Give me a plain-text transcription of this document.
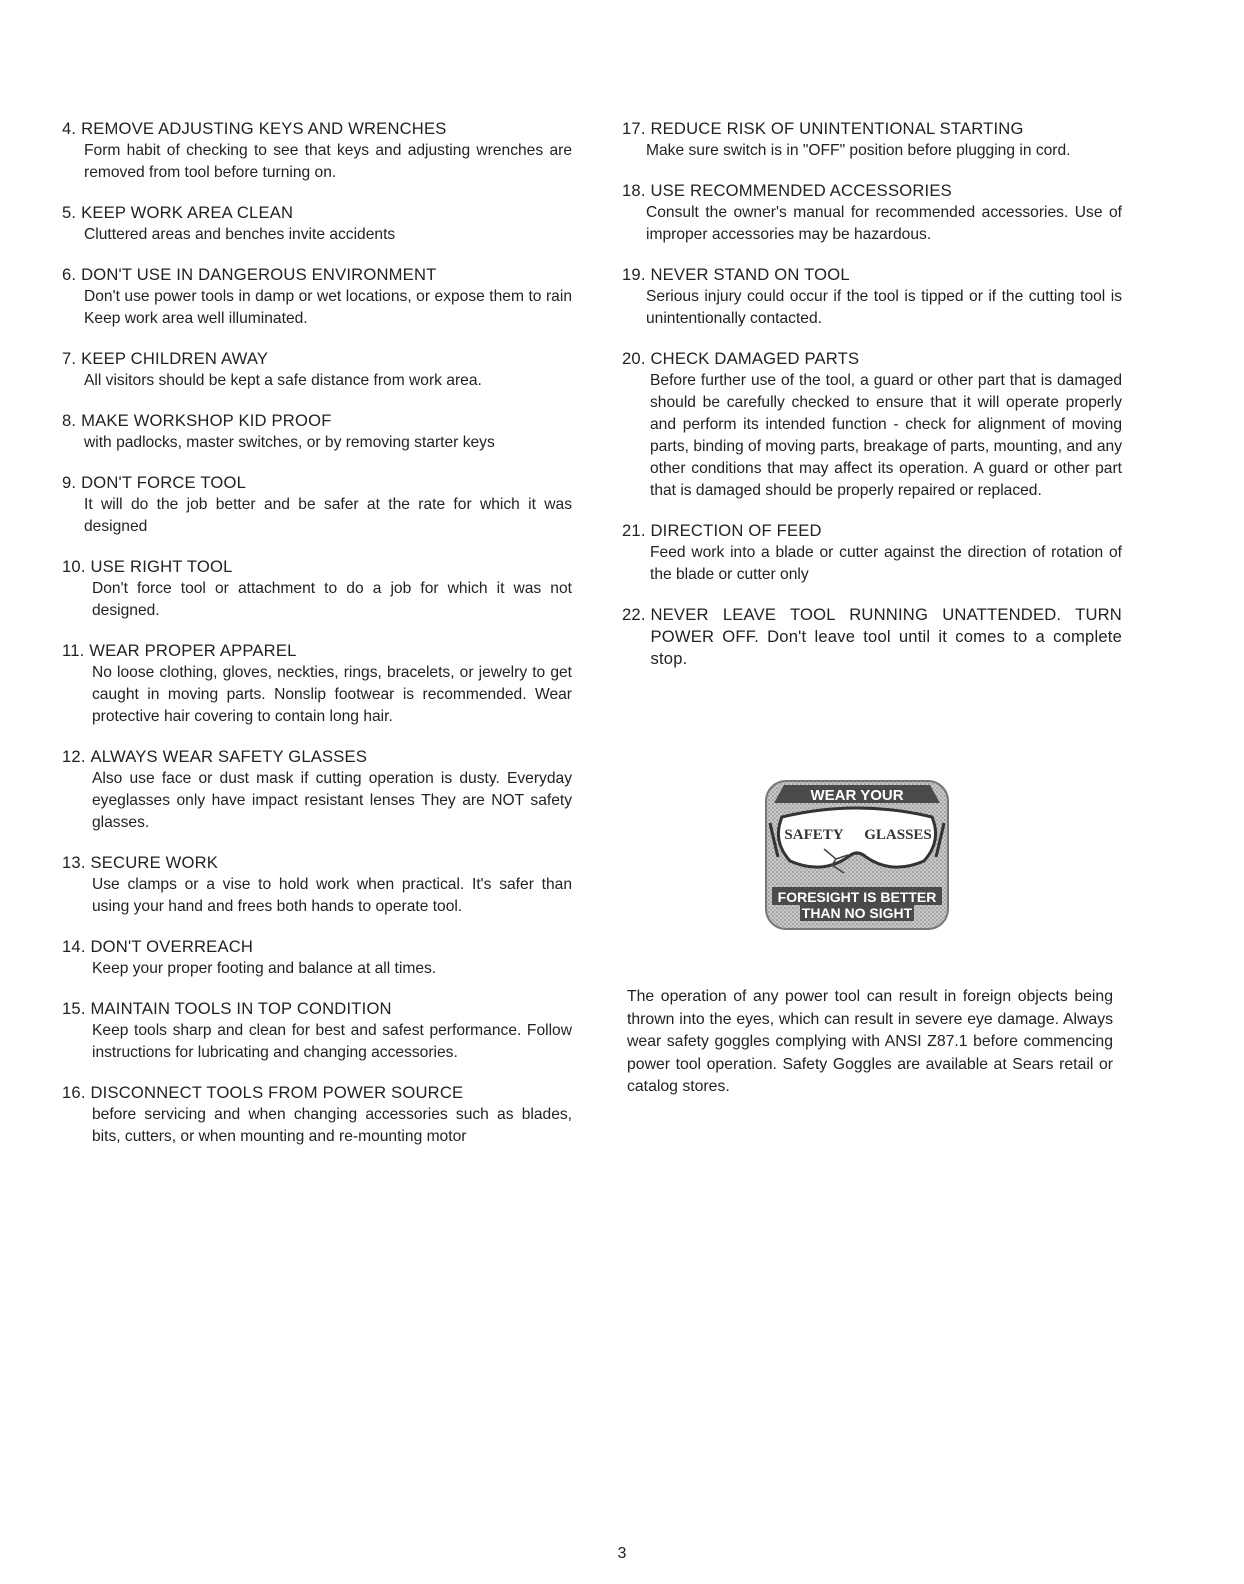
4. REMOVE ADJUSTING KEYS AND WRENCHES
Form habit of checking to see that keys and adjusting wrenches are removed from tool before turning on.
5. KEEP WORK AREA CLEAN
Cluttered areas and benches invite accidents
6. DON'T USE IN DANGEROUS ENVIRONMENT
Don't use power tools in damp or wet locations, or expose them to rain Keep work area well illuminated.
7. KEEP CHILDREN AWAY
All visitors should be kept a safe distance from work area.
8. MAKE WORKSHOP KID PROOF
with padlocks, master switches, or by removing starter keys
9. DON'T FORCE TOOL
It will do the job better and be safer at the rate for which it was designed
10. USE RIGHT TOOL
Don't force tool or attachment to do a job for which it was not designed.
11. WEAR PROPER APPAREL
No loose clothing, gloves, neckties, rings, bracelets, or jewelry to get caught in moving parts. Nonslip footwear is recommended. Wear protective hair covering to contain long hair.
12. ALWAYS WEAR SAFETY GLASSES
Also use face or dust mask if cutting operation is dusty. Everyday eyeglasses only have impact resistant lenses They are NOT safety glasses.
13. SECURE WORK
Use clamps or a vise to hold work when practical. It's safer than using your hand and frees both hands to operate tool.
14. DON'T OVERREACH
Keep your proper footing and balance at all times.
15. MAINTAIN TOOLS IN TOP CONDITION
Keep tools sharp and clean for best and safest performance. Follow instructions for lubricating and changing accessories.
16. DISCONNECT TOOLS FROM POWER SOURCE
before servicing and when changing accessories such as blades, bits, cutters, or when mounting and re-mounting motor
17. REDUCE RISK OF UNINTENTIONAL STARTING
Make sure switch is in "OFF" position before plugging in cord.
18. USE RECOMMENDED ACCESSORIES
Consult the owner's manual for recommended accessories. Use of improper accessories may be hazardous.
19. NEVER STAND ON TOOL
Serious injury could occur if the tool is tipped or if the cutting tool is unintentionally contacted.
20. CHECK DAMAGED PARTS
Before further use of the tool, a guard or other part that is damaged should be carefully checked to ensure that it will operate properly and perform its intended function - check for alignment of moving parts, binding of moving parts, breakage of parts, mounting, and any other conditions that may affect its operation. A guard or other part that is damaged should be properly repaired or replaced.
21. DIRECTION OF FEED
Feed work into a blade or cutter against the direction of rotation of the blade or cutter only
22. NEVER LEAVE TOOL RUNNING UNATTENDED. TURN POWER OFF. Don't leave tool until it comes to a complete stop.
WEAR YOUR
SAFETY GLASSES
FORESIGHT IS BETTER
THAN NO SIGHT
The operation of any power tool can result in foreign objects being thrown into the eyes, which can result in severe eye damage. Always wear safety goggles complying with ANSI Z87.1 before commencing power tool operation. Safety Goggles are available at Sears retail or catalog stores.
3
